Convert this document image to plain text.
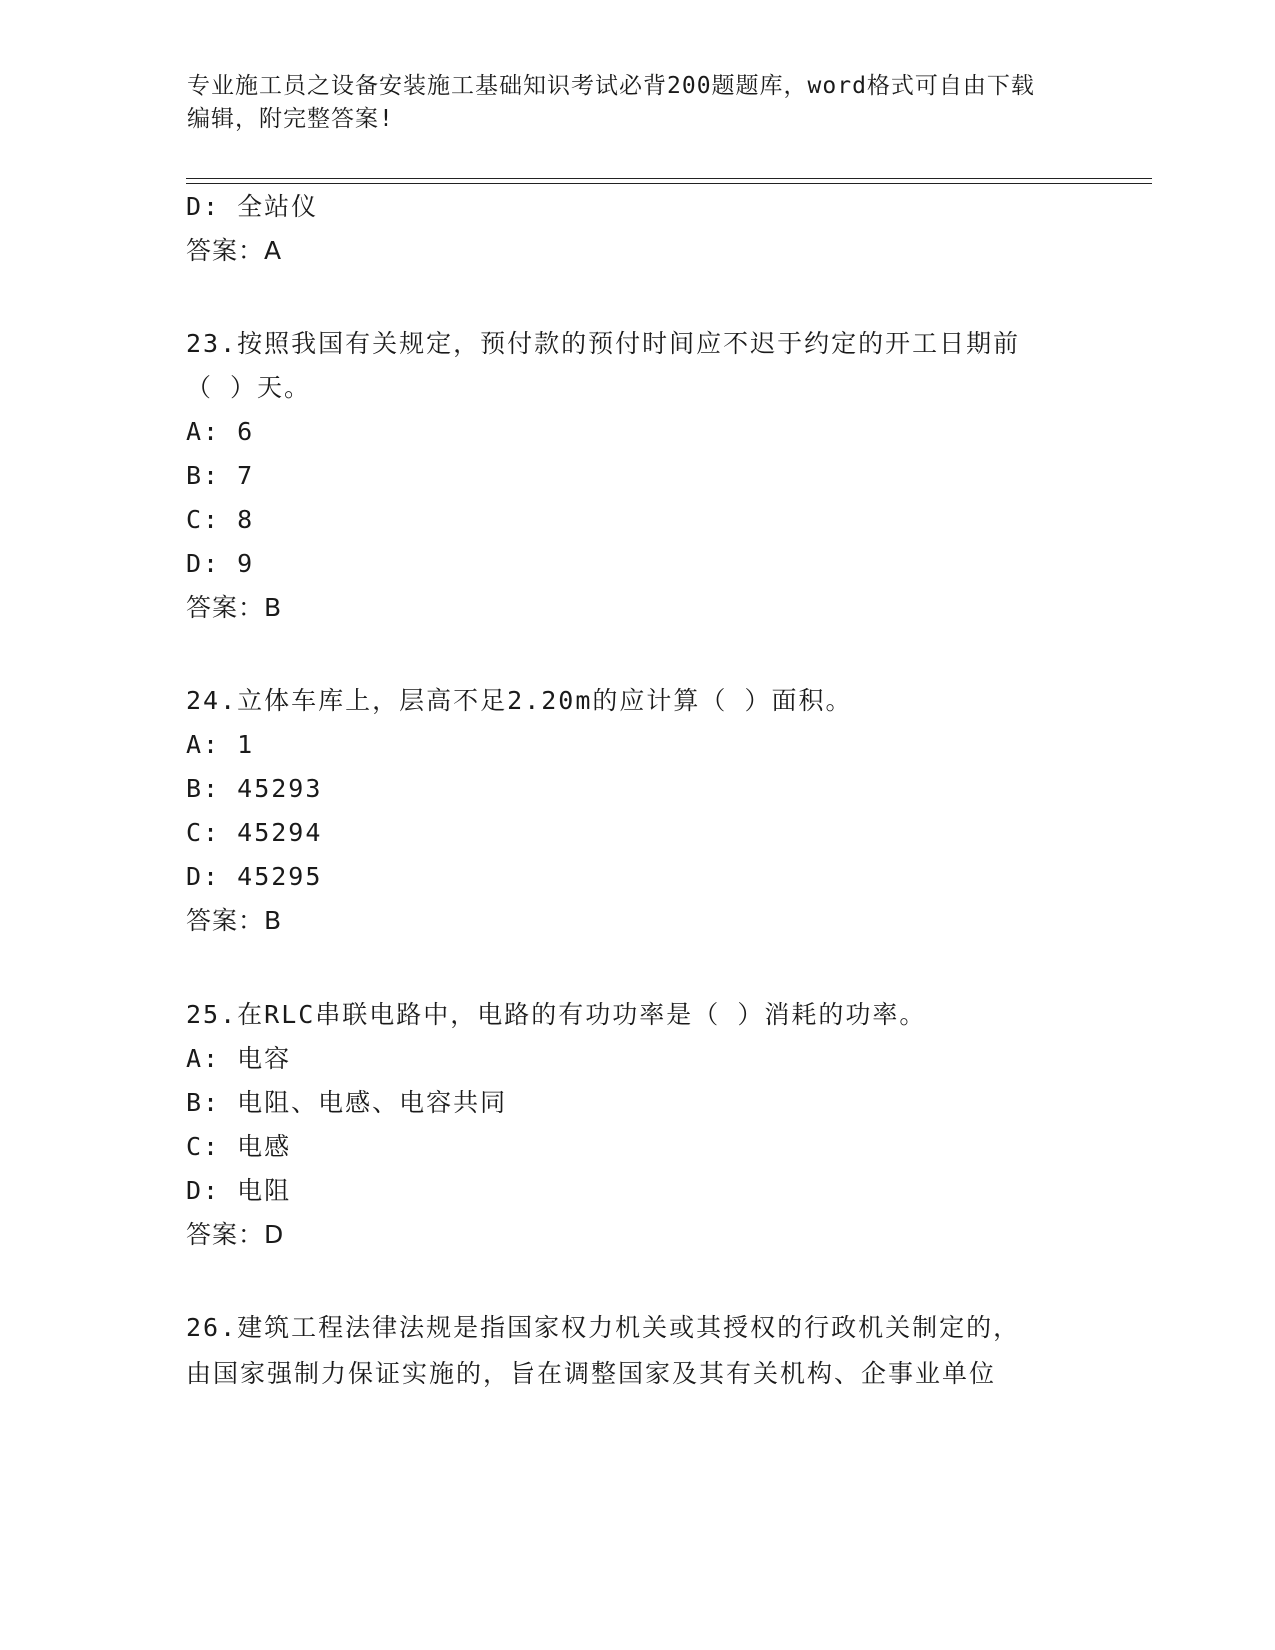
专业施工员之设备安装施工基础知识考试必背200题题库，word格式可自由下载
编辑，附完整答案!
D: 全站仪
答案：A
23.按照我国有关规定，预付款的预付时间应不迟于约定的开工日期前
（ ）天。
A: 6
B: 7
C: 8
D: 9
答案：B
24.立体车库上，层高不足2.20m的应计算（ ）面积。
A: 1
B: 45293
C: 45294
D: 45295
答案：B
25.在RLC串联电路中，电路的有功功率是（ ）消耗的功率。
A: 电容
B: 电阻、电感、电容共同
C: 电感
D: 电阻
答案：D
26.建筑工程法律法规是指国家权力机关或其授权的行政机关制定的，
由国家强制力保证实施的，旨在调整国家及其有关机构、企事业单位
